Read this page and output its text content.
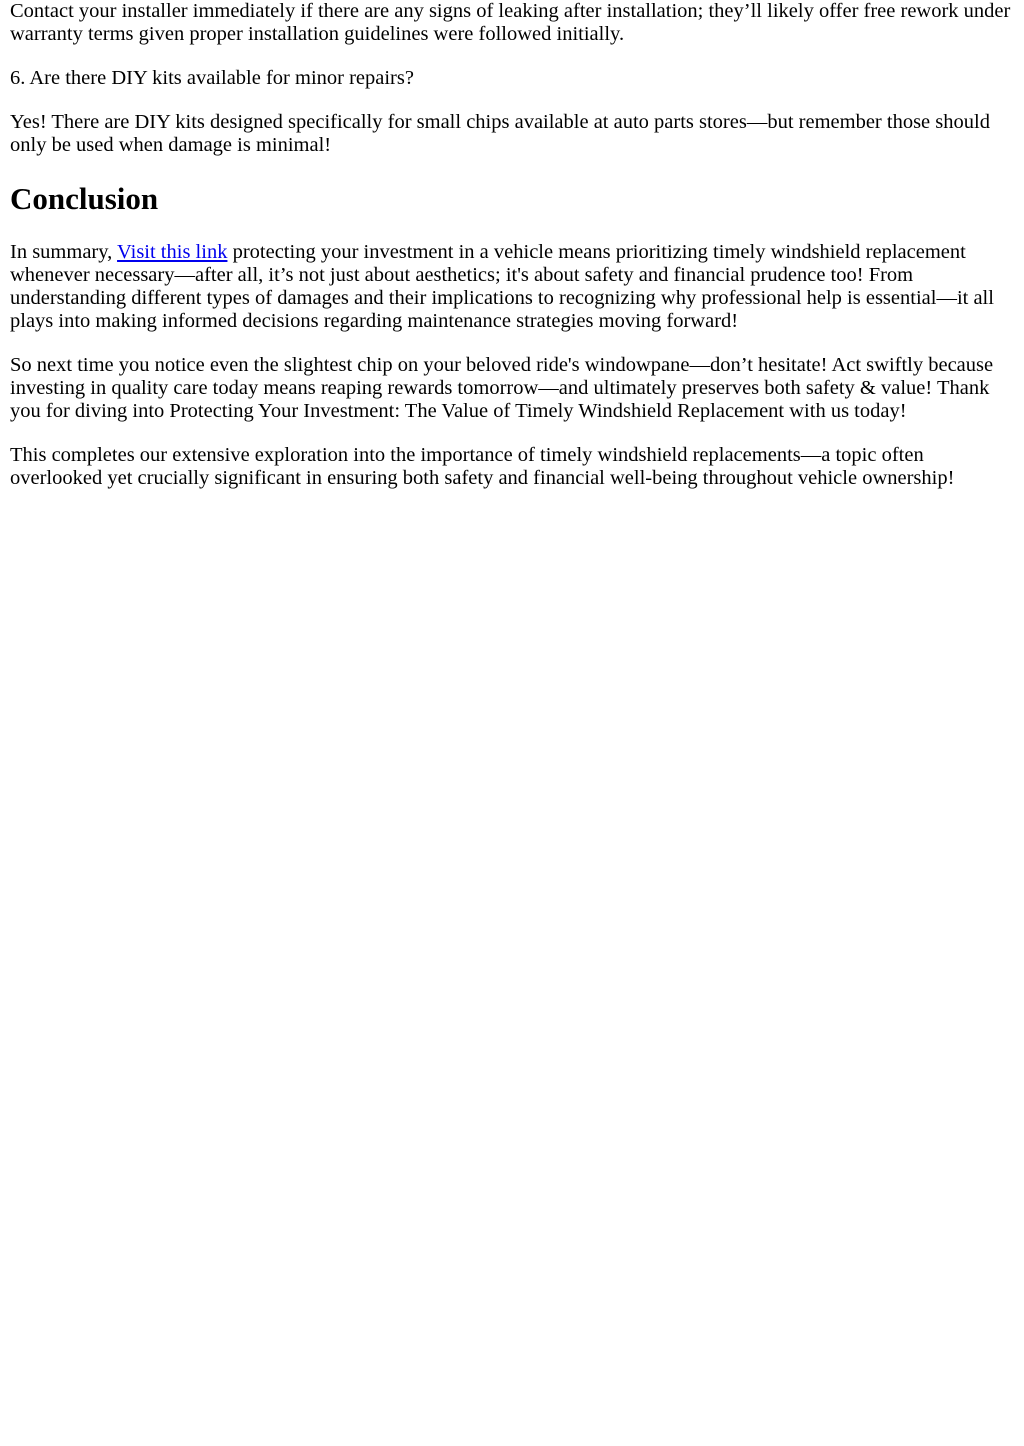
Contact your installer immediately if there are any signs of leaking after installation; they’ll likely offer free rework under warranty terms given proper installation guidelines were followed initially.

6. Are there DIY kits available for minor repairs?

Yes! There are DIY kits designed specifically for small chips available at auto parts stores—but remember those should only be used when damage is minimal!

Conclusion

In summary, Visit this link protecting your investment in a vehicle means prioritizing timely windshield replacement whenever necessary—after all, it’s not just about aesthetics; it's about safety and financial prudence too! From understanding different types of damages and their implications to recognizing why professional help is essential—it all plays into making informed decisions regarding maintenance strategies moving forward!

So next time you notice even the slightest chip on your beloved ride's windowpane—don’t hesitate! Act swiftly because investing in quality care today means reaping rewards tomorrow—and ultimately preserves both safety & value! Thank you for diving into Protecting Your Investment: The Value of Timely Windshield Replacement with us today!

This completes our extensive exploration into the importance of timely windshield replacements—a topic often overlooked yet crucially significant in ensuring both safety and financial well-being throughout vehicle ownership!
